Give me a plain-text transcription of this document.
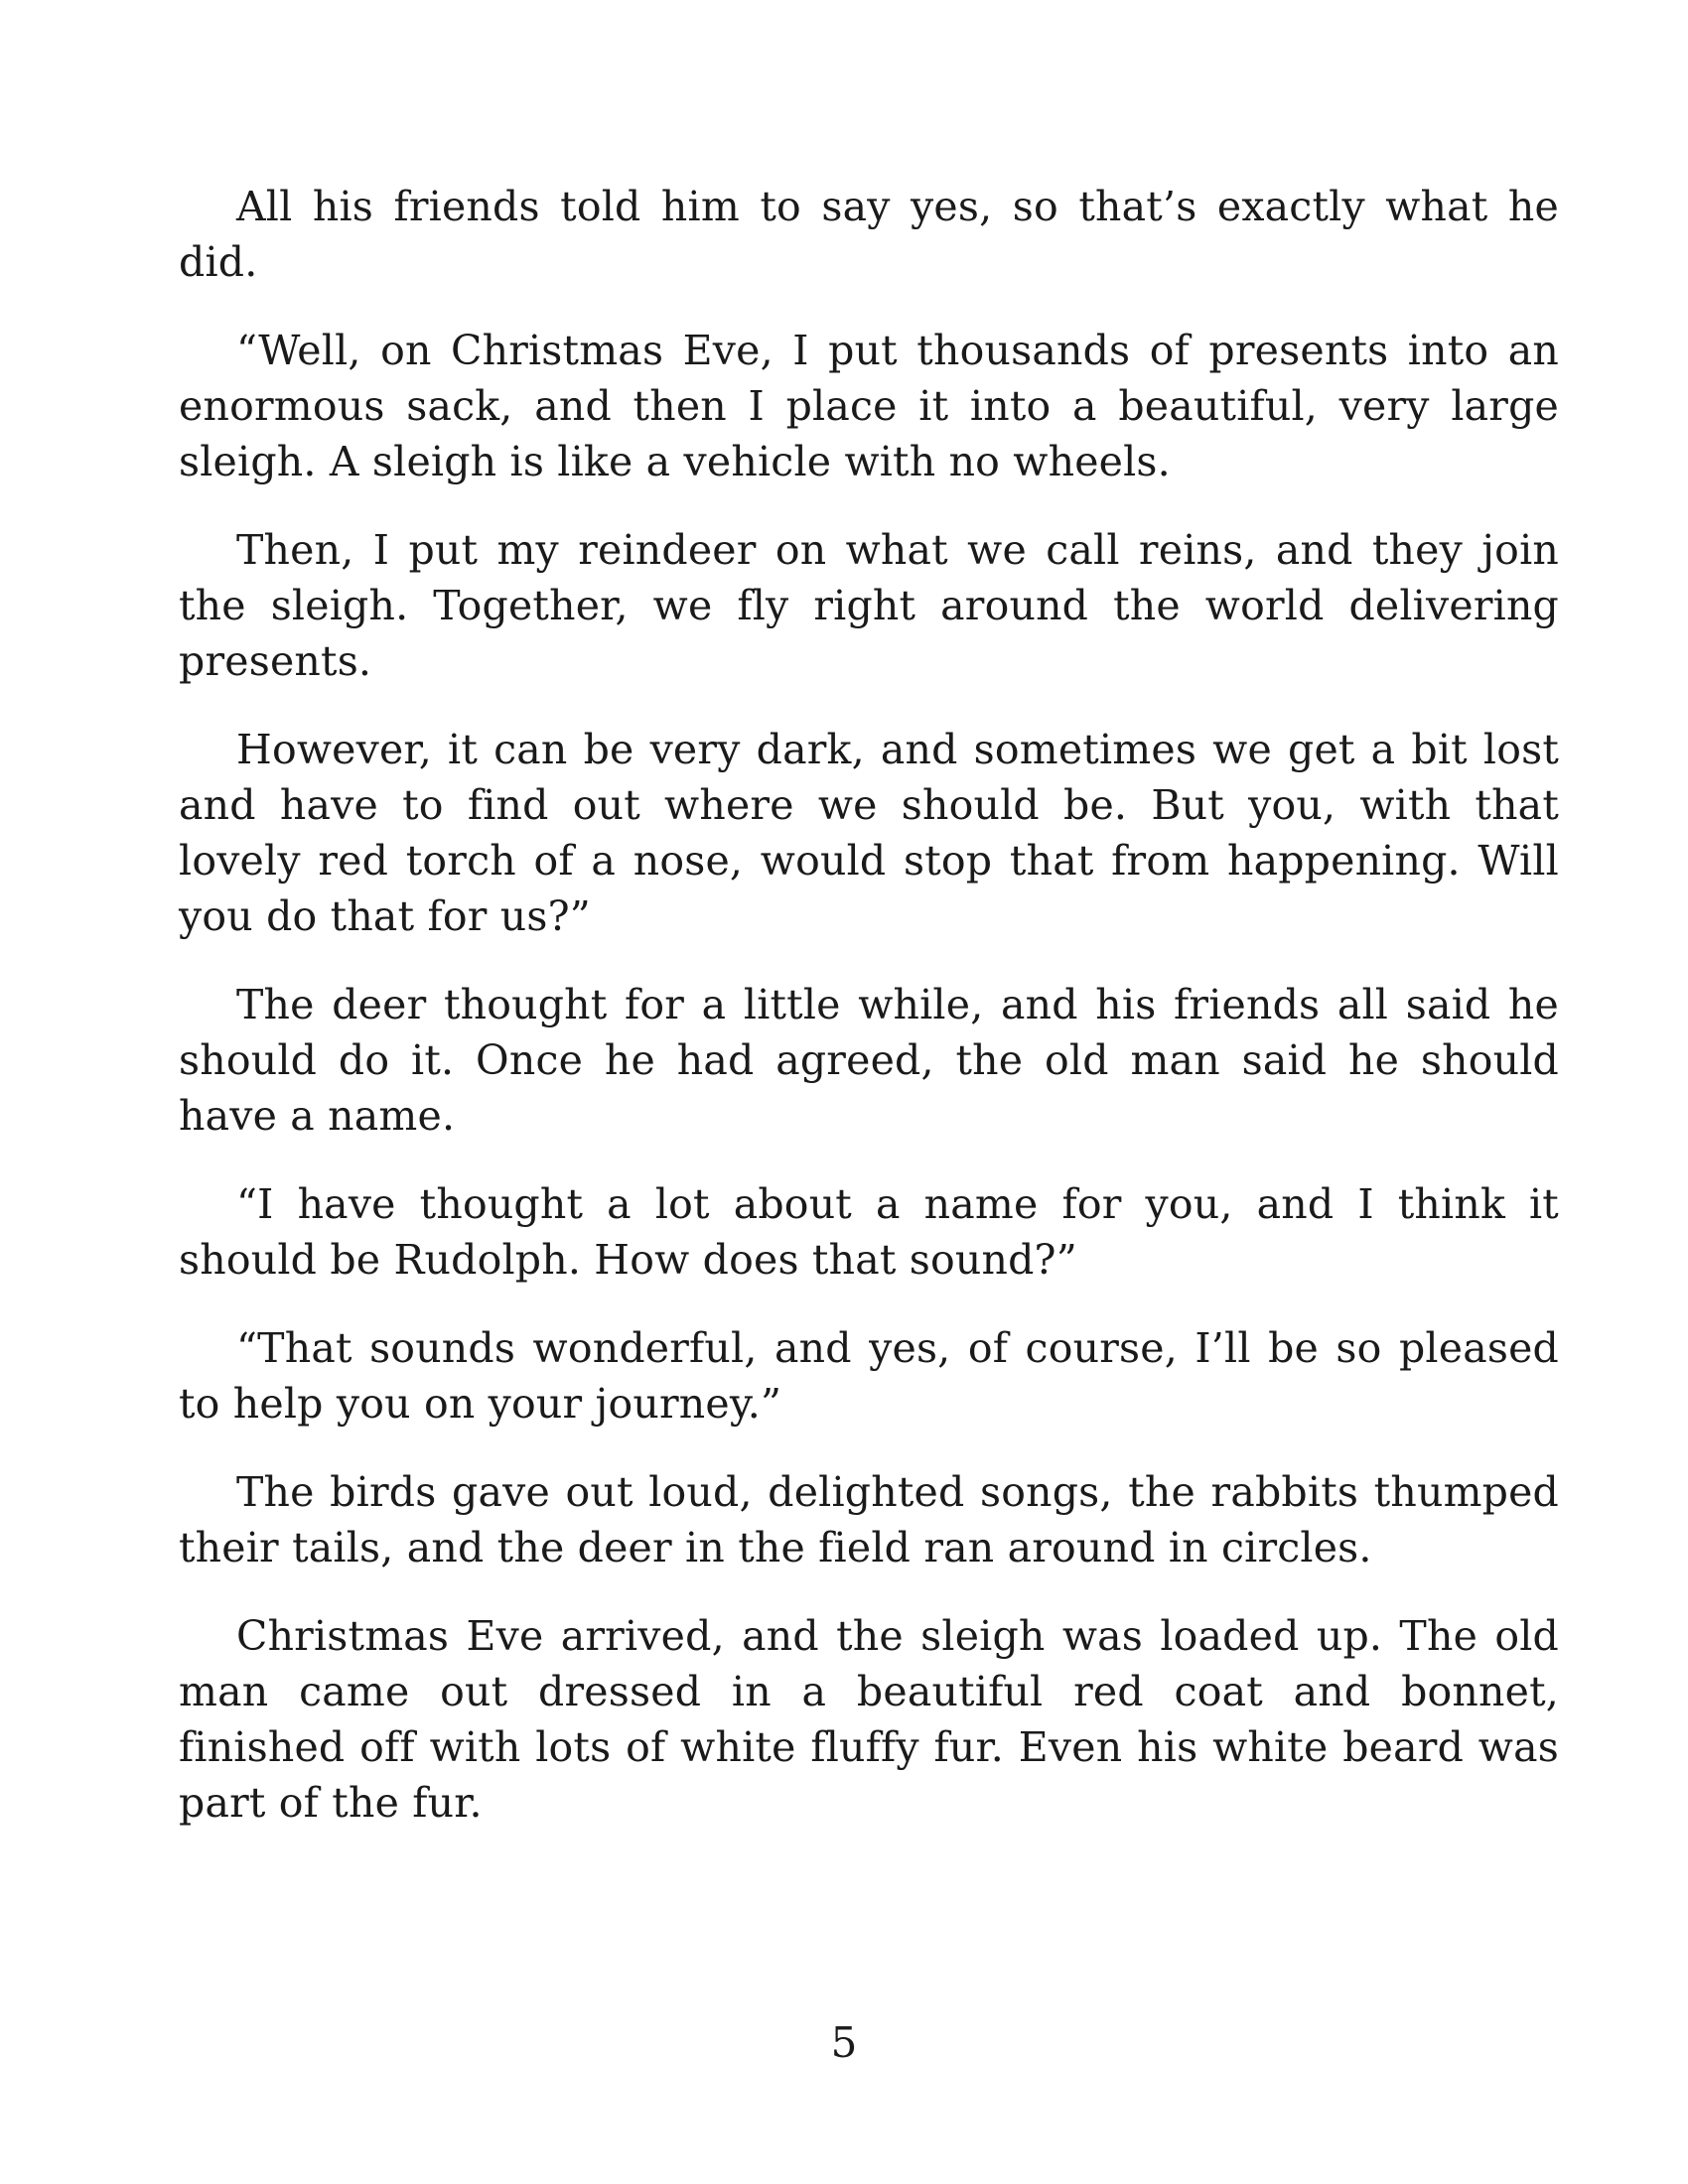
All his friends told him to say yes, so that’s exactly what he did.

“Well, on Christmas Eve, I put thousands of presents into an enormous sack, and then I place it into a beautiful, very large sleigh. A sleigh is like a vehicle with no wheels.

Then, I put my reindeer on what we call reins, and they join the sleigh. Together, we fly right around the world delivering presents.

However, it can be very dark, and sometimes we get a bit lost and have to find out where we should be. But you, with that lovely red torch of a nose, would stop that from happening. Will you do that for us?”

The deer thought for a little while, and his friends all said he should do it. Once he had agreed, the old man said he should have a name.

“I have thought a lot about a name for you, and I think it should be Rudolph. How does that sound?”

“That sounds wonderful, and yes, of course, I’ll be so pleased to help you on your journey.”

The birds gave out loud, delighted songs, the rabbits thumped their tails, and the deer in the field ran around in circles.

Christmas Eve arrived, and the sleigh was loaded up. The old man came out dressed in a beautiful red coat and bonnet, finished off with lots of white fluffy fur. Even his white beard was part of the fur.

5
